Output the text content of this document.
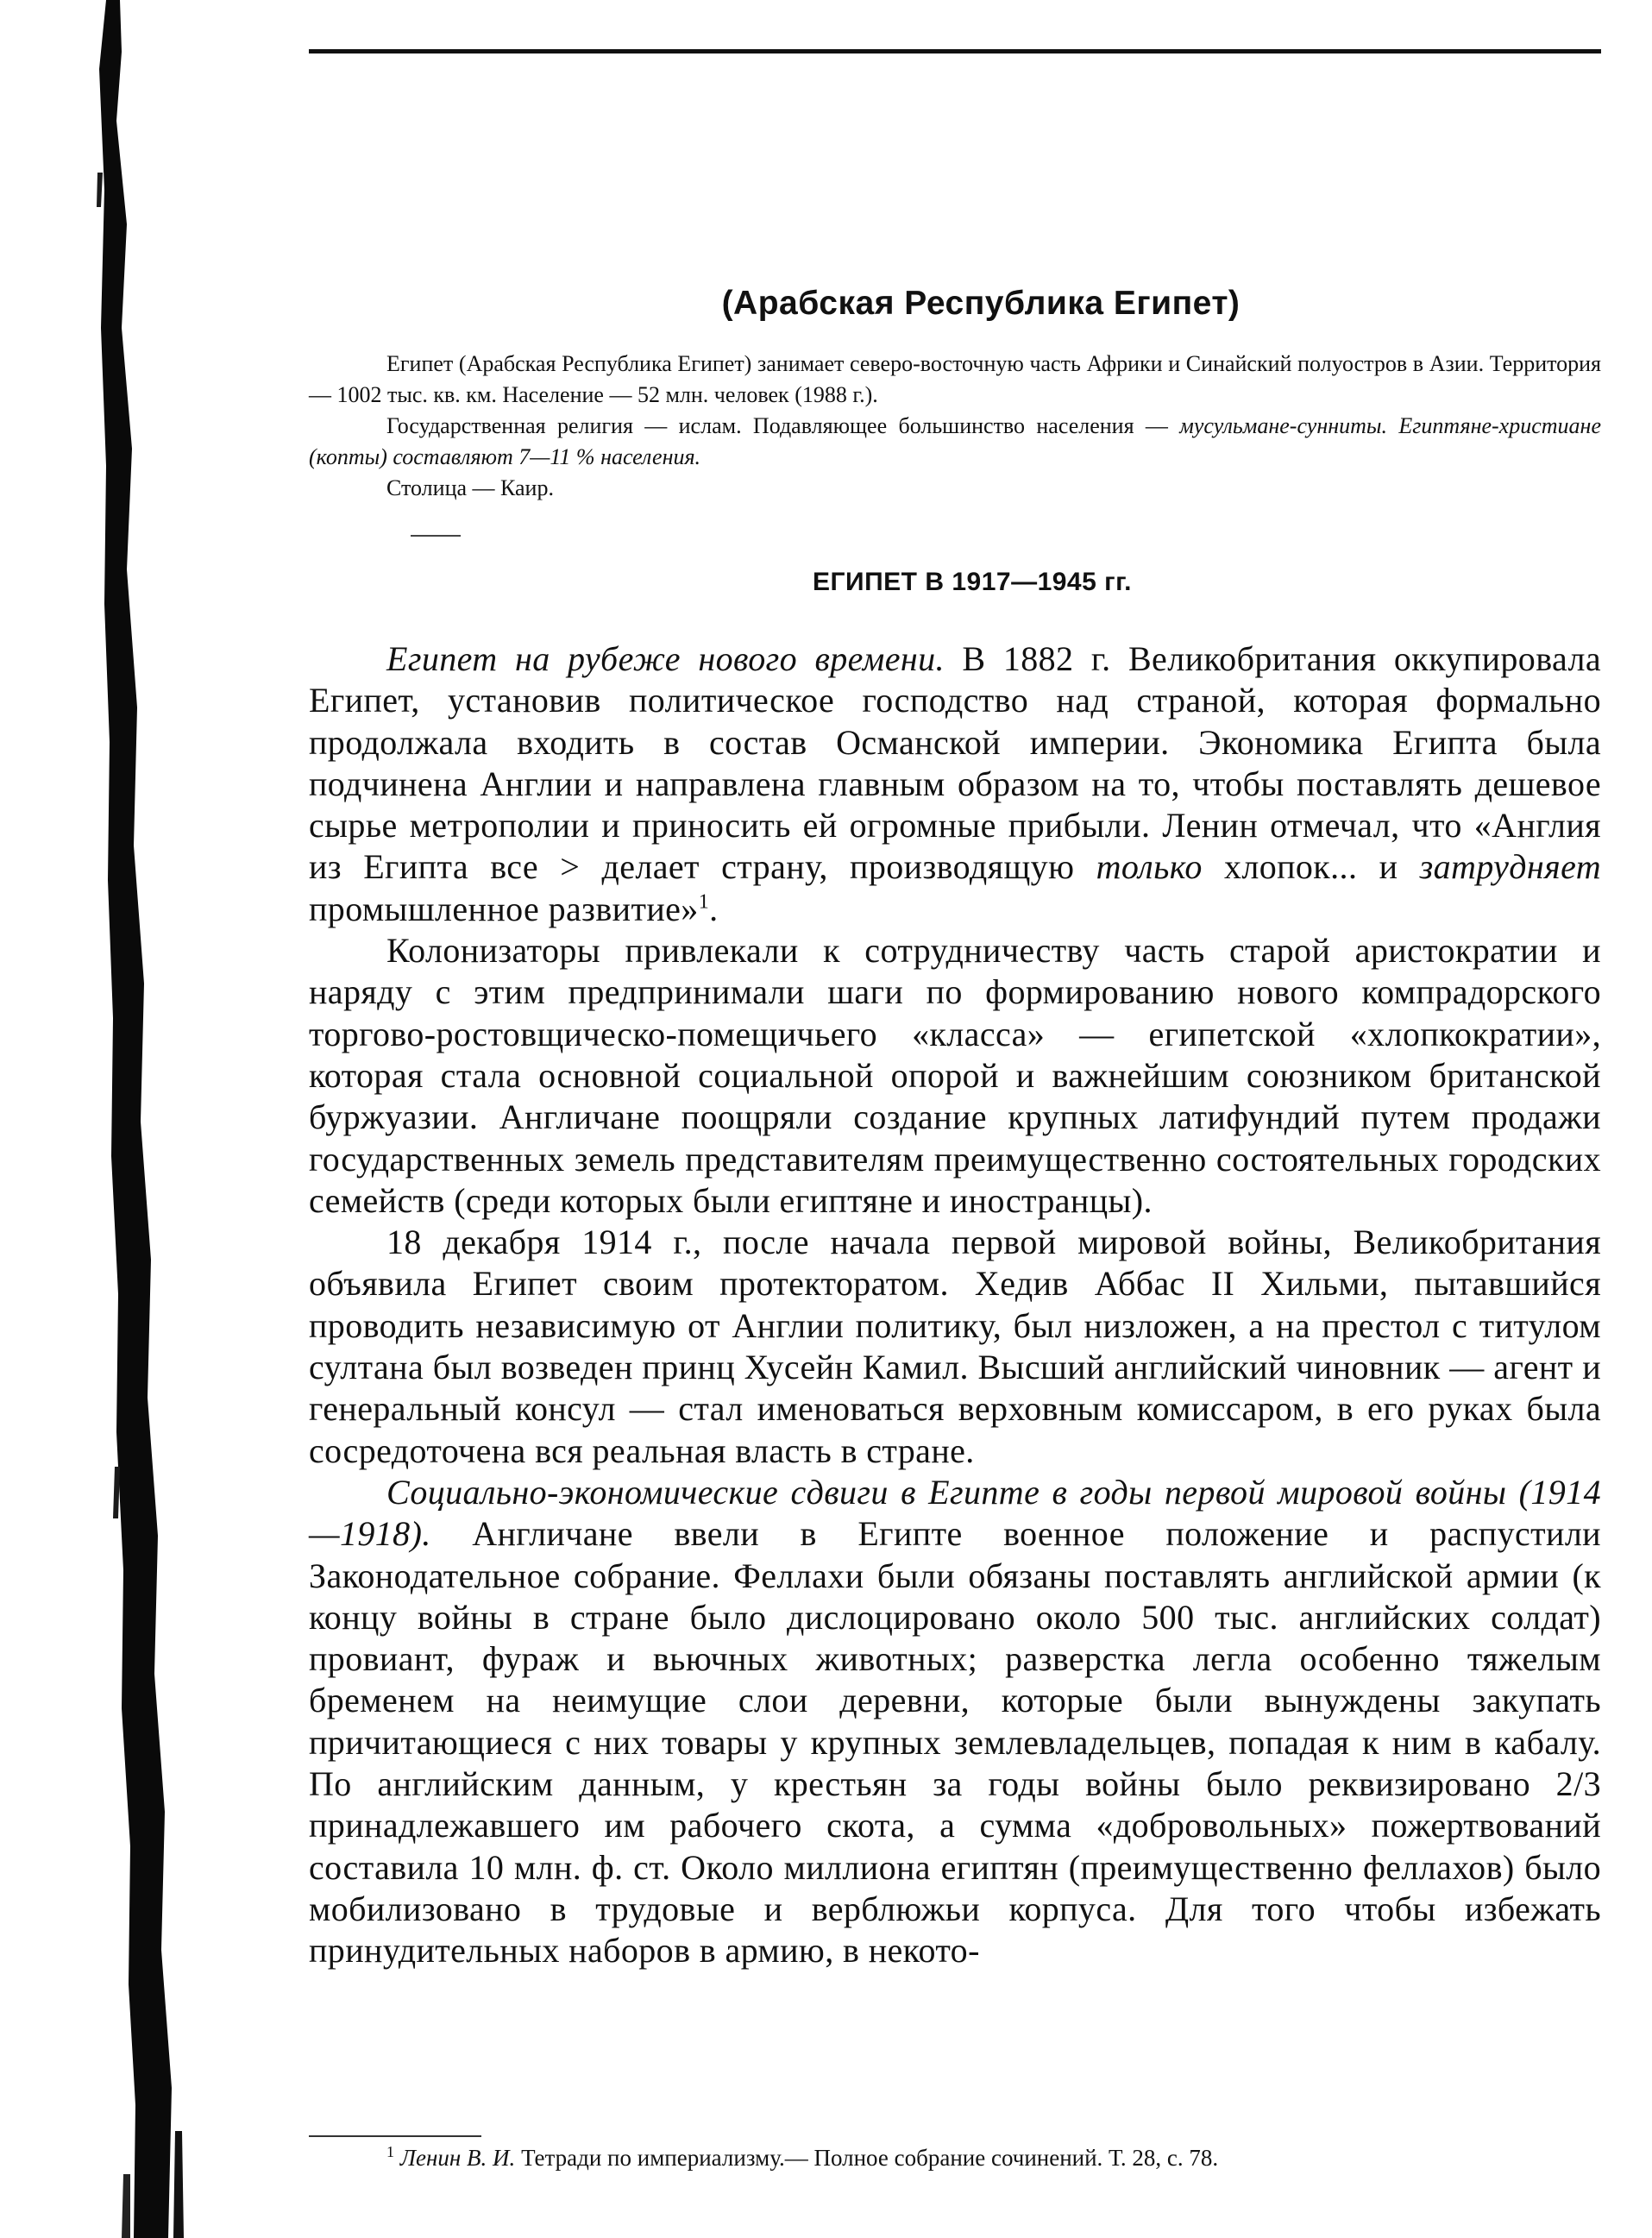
(Арабская Республика Египет)

Египет (Арабская Республика Египет) занимает северо-восточную часть Африки и Синайский полуостров в Азии. Территория — 1002 тыс. кв. км. Население — 52 млн. человек (1988 г.).

Государственная религия — ислам. Подавляющее большинство населения — мусульмане-сунниты. Египтяне-христиане (копты) составляют 7—11 % населения.

Столица — Каир.

ЕГИПЕТ В 1917—1945 гг.

Египет на рубеже нового времени. В 1882 г. Великобритания оккупировала Египет, установив политическое господство над страной, которая формально продолжала входить в состав Османской империи. Экономика Египта была подчинена Англии и направлена главным образом на то, чтобы поставлять дешевое сырье метрополии и приносить ей огромные прибыли. Ленин отмечал, что «Англия из Египта все > делает страну, производящую только хлопок... и затрудняет промышленное развитие»$^1$.

Колонизаторы привлекали к сотрудничеству часть старой аристократии и наряду с этим предпринимали шаги по формированию нового компрадорского торгово-ростовщическо-помещичьего «класса» — египетской «хлопкократии», которая стала основной социальной опорой и важнейшим союзником британской буржуазии. Англичане поощряли создание крупных латифундий путем продажи государственных земель представителям преимущественно состоятельных городских семейств (среди которых были египтяне и иностранцы).

18 декабря 1914 г., после начала первой мировой войны, Великобритания объявила Египет своим протекторатом. Хедив Аббас II Хильми, пытавшийся проводить независимую от Англии политику, был низложен, а на престол с титулом султана был возведен принц Хусейн Камил. Высший английский чиновник — агент и генеральный консул — стал именоваться верховным комиссаром, в его руках была сосредоточена вся реальная власть в стране.

Социально-экономические сдвиги в Египте в годы первой мировой войны (1914—1918). Англичане ввели в Египте военное положение и распустили Законодательное собрание. Феллахи были обязаны поставлять английской армии (к концу войны в стране было дислоцировано около 500 тыс. английских солдат) провиант, фураж и вьючных животных; разверстка легла особенно тяжелым бременем на неимущие слои деревни, которые были вынуждены закупать причитающиеся с них товары у крупных землевладельцев, попадая к ним в кабалу. По английским данным, у крестьян за годы войны было реквизировано 2/3 принадлежавшего им рабочего скота, а сумма «добровольных» пожертвований составила 10 млн. ф. ст. Около миллиона египтян (преимущественно феллахов) было мобилизовано в трудовые и верблюжьи корпуса. Для того чтобы избежать принудительных наборов в армию, в некото-

$^1$ Ленин В. И. Тетради по империализму.— Полное собрание сочинений. Т. 28, с. 78.
